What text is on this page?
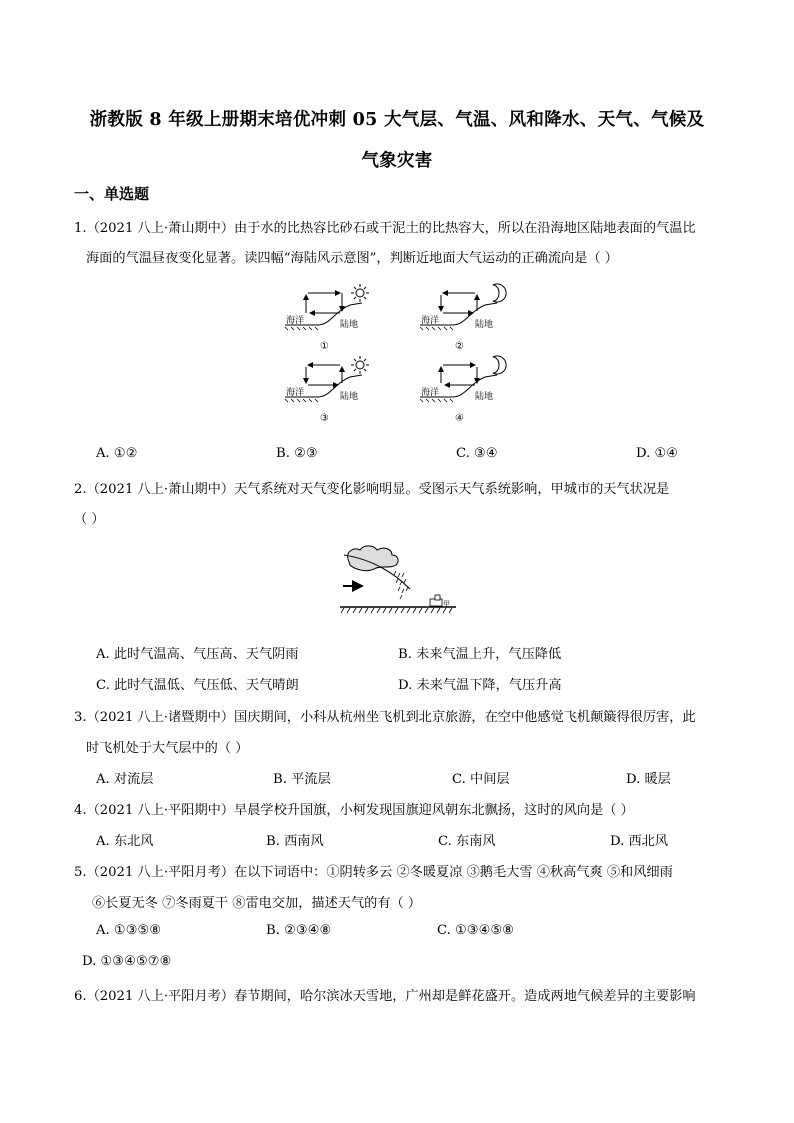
浙教版 8 年级上册期末培优冲刺 05 大气层、气温、风和降水、天气、气候及
气象灾害
一、单选题
1.（2021 八上·萧山期中）由于水的比热容比砂石或干泥土的比热容大，所以在沿海地区陆地表面的气温比
海面的气温昼夜变化显著。读四幅“海陆风示意图”，判断近地面大气运动的正确流向是（ ）
海洋	陆地
①
海洋	陆地
②
海洋	陆地
③
海洋	陆地
④
A. ①②	B. ②③	C. ③④	D. ①④
2.（2021 八上·萧山期中）天气系统对天气变化影响明显。受图示天气系统影响，甲城市的天气状况是
（ ）
甲
A. 此时气温高、气压高、天气阴雨	B. 未来气温上升，气压降低
C. 此时气温低、气压低、天气晴朗	D. 未来气温下降，气压升高
3.（2021 八上·诸暨期中）国庆期间，小科从杭州坐飞机到北京旅游，在空中他感觉飞机颠簸得很厉害，此
时飞机处于大气层中的（ ）
A. 对流层	B. 平流层	C. 中间层	D. 暖层
4.（2021 八上·平阳期中）早晨学校升国旗，小柯发现国旗迎风朝东北飘扬，这时的风向是（ ）
A. 东北风	B. 西南风	C. 东南风	D. 西北风
5.（2021 八上·平阳月考）在以下词语中：①阴转多云 ②冬暖夏凉 ③鹅毛大雪 ④秋高气爽 ⑤和风细雨
⑥长夏无冬 ⑦冬雨夏干 ⑧雷电交加，描述天气的有（ ）
A. ①③⑤⑧	B. ②③④⑧	C. ①③④⑤⑧
D. ①③④⑤⑦⑧
6.（2021 八上·平阳月考）春节期间，哈尔滨冰天雪地，广州却是鲜花盛开。造成两地气候差异的主要影响
